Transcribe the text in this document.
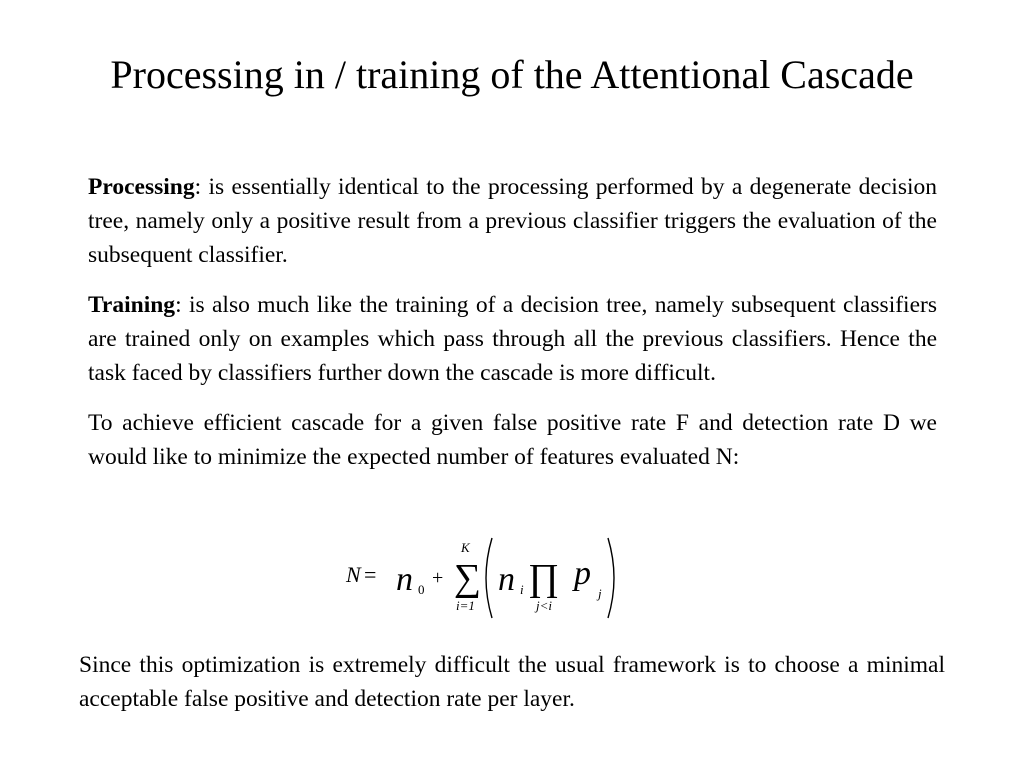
Processing in / training of the Attentional Cascade

Processing: is essentially identical to the processing performed by a degenerate decision tree, namely only a positive result from a previous classifier triggers the evaluation of the subsequent classifier.

Training: is also much like the training of a decision tree, namely subsequent classifiers are trained only on examples which pass through all the previous classifiers. Hence the task faced by classifiers further down the cascade is more difficult.

To achieve efficient cascade for a given false positive rate F and detection rate D we would like to minimize the expected number of features evaluated N:

N = n 0
+
K
∑
i=1
n i ∏
j<i
p
j

Since this optimization is extremely difficult the usual framework is to choose a minimal acceptable false positive and detection rate per layer.
